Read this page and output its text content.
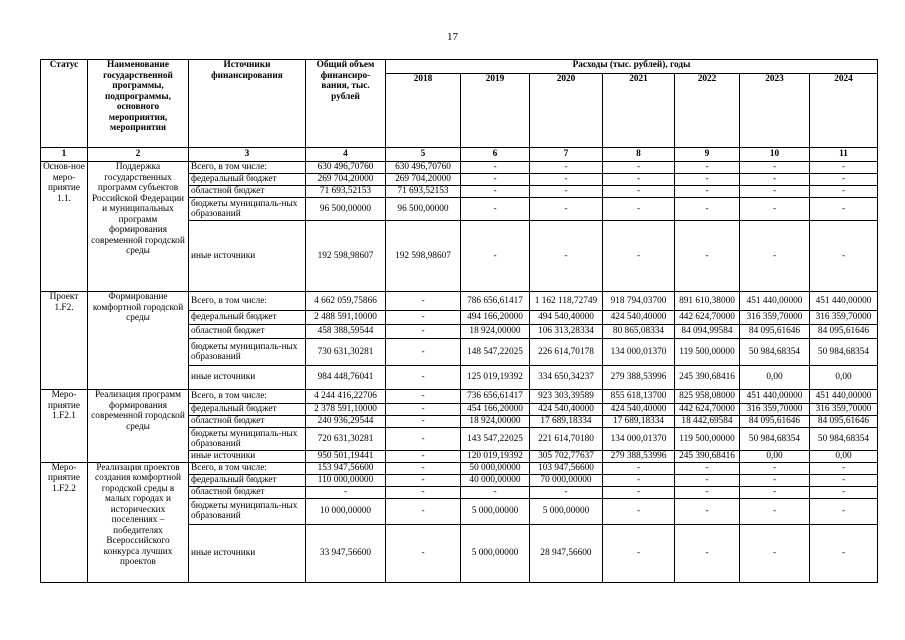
17
Статус	Наименование государственной программы, подпрограммы, основного мероприятия, мероприятия	Источники финансирования	Общий объем финансиро-вания, тыс. рублей	Расходы (тыс. рублей), годы						
				2018	2019	2020	2021	2022	2023	2024
1	2	3	4	5	6	7	8	9	10	11
Основ-ное меро-приятие 1.1.	Поддержка государственных программ субъектов Российской Федерации и муниципальных программ формирования современной городской среды	Всего, в том числе:	630 496,70760	630 496,70760	-	-	-	-	-	-
		федеральный бюджет	269 704,20000	269 704,20000	-	-	-	-	-	-
		областной бюджет	71 693,52153	71 693,52153	-	-	-	-	-	-
		бюджеты муниципаль-ных образований	96 500,00000	96 500,00000	-	-	-	-	-	-
		иные источники	192 598,98607	192 598,98607	-	-	-	-	-	-
Проект 1.F2.	Формирование комфортной городской среды	Всего, в том числе:	4 662 059,75866	-	786 656,61417	1 162 118,72749	918 794,03700	891 610,38000	451 440,00000	451 440,00000
		федеральный бюджет	2 488 591,10000	-	494 166,20000	494 540,40000	424 540,40000	442 624,70000	316 359,70000	316 359,70000
		областной бюджет	458 388,59544	-	18 924,00000	106 313,28334	80 865,08334	84 094,99584	84 095,61646	84 095,61646
		бюджеты муниципаль-ных образований	730 631,30281	-	148 547,22025	226 614,70178	134 000,01370	119 500,00000	50 984,68354	50 984,68354
		иные источники	984 448,76041	-	125 019,19392	334 650,34237	279 388,53996	245 390,68416	0,00	0,00
Меро-приятие 1.F2.1	Реализация программ формирования современной городской среды	Всего, в том числе:	4 244 416,22706	-	736 656,61417	923 303,39589	855 618,13700	825 958,08000	451 440,00000	451 440,00000
		федеральный бюджет	2 378 591,10000	-	454 166,20000	424 540,40000	424 540,40000	442 624,70000	316 359,70000	316 359,70000
		областной бюджет	240 936,29544	-	18 924,00000	17 689,18334	17 689,18334	18 442,69584	84 095,61646	84 095,61646
		бюджеты муниципаль-ных образований	720 631,30281	-	143 547,22025	221 614,70180	134 000,01370	119 500,00000	50 984,68354	50 984,68354
		иные источники	950 501,19441	-	120 019,19392	305 702,77637	279 388,53996	245 390,68416	0,00	0,00
Меро-приятие 1.F2.2	Реализация проектов создания комфортной городской среды в малых городах и исторических поселениях – победителях Всероссийского конкурса лучших проектов	Всего, в том числе:	153 947,56600	-	50 000,00000	103 947,56600	-	-	-	-
		федеральный бюджет	110 000,00000	-	40 000,00000	70 000,00000	-	-	-	-
		областной бюджет	-	-	-	-	-	-	-	-
		бюджеты муниципаль-ных образований	10 000,00000	-	5 000,00000	5 000,00000	-	-	-	-
		иные источники	33 947,56600	-	5 000,00000	28 947,56600	-	-	-	-
